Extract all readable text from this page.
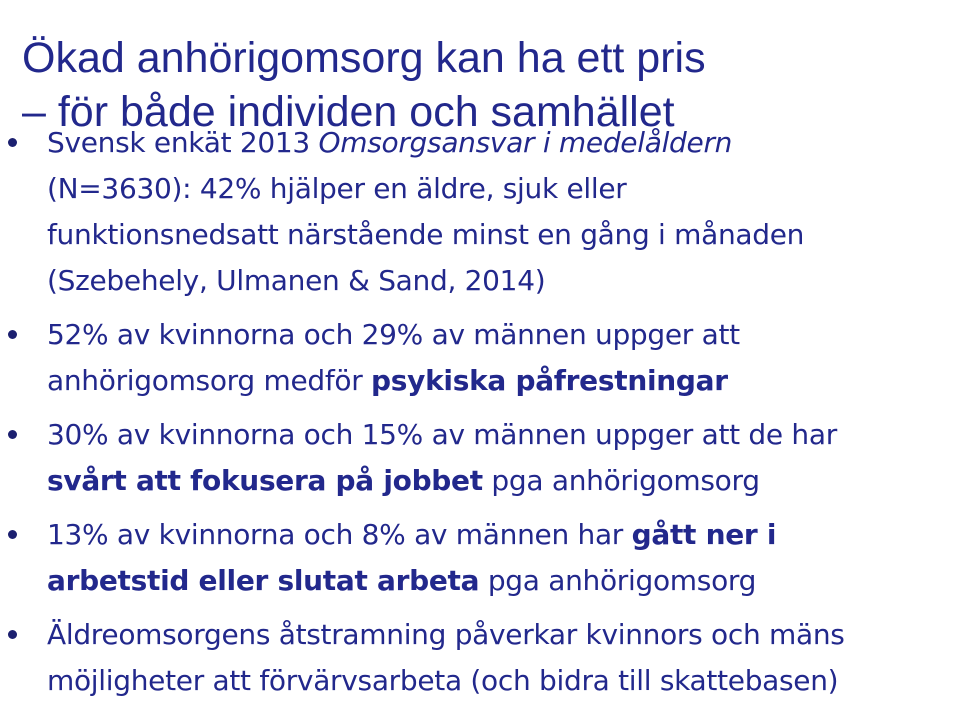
Ökad anhörigomsorg kan ha ett pris
– för både individen och samhället
Svensk enkät 2013 Omsorgsansvar i medelåldern
(N=3630): 42% hjälper en äldre, sjuk eller
funktionsnedsatt närstående minst en gång i månaden
(Szebehely, Ulmanen & Sand, 2014)
52% av kvinnorna och 29% av männen uppger att
anhörigomsorg medför psykiska påfrestningar
30% av kvinnorna och 15% av männen uppger att de har
svårt att fokusera på jobbet pga anhörigomsorg
13% av kvinnorna och 8% av männen har gått ner i
arbetstid eller slutat arbeta pga anhörigomsorg
Äldreomsorgens åtstramning påverkar kvinnors och mäns
möjligheter att förvärvsarbeta (och bidra till skattebasen)
